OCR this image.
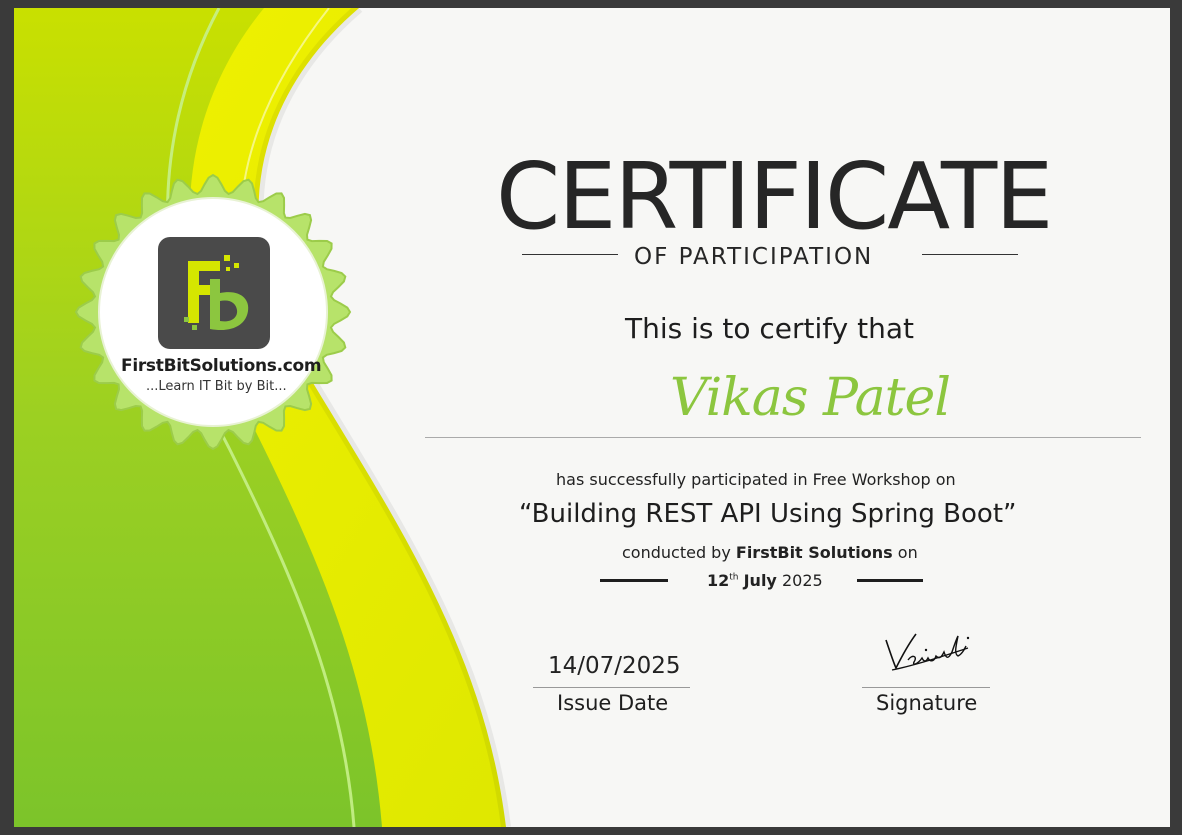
FirstBitSolutions.com
...Learn IT Bit by Bit...
CERTIFICATE
OF PARTICIPATION
This is to certify that
Vikas Patel
has successfully participated in Free Workshop on
“Building REST API Using Spring Boot”
conducted by FirstBit Solutions on
12th July 2025
14/07/2025
Issue Date	Signature
